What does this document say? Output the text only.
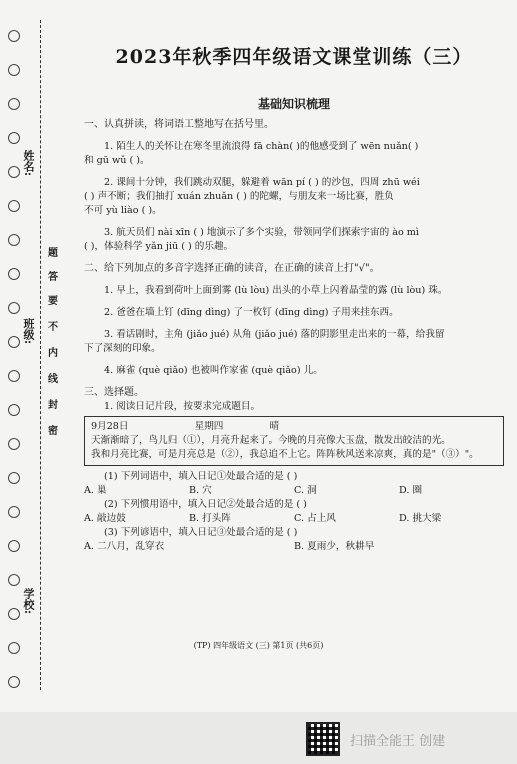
姓名:
班级:
学校:
题
答
要
不
内
线
封
密
2023年秋季四年级语文课堂训练（三）
基础知识梳理
一、认真拼读，将词语工整地写在括号里。
1. 陌生人的关怀让在寒冬里流浪得 fā chàn( )的他感受到了 wēn nuǎn( )
和 gū wǔ ( )。
2. 课间十分钟，我们跳动双腿，躲避着 wān pí ( ) 的沙包，四周 zhū wéi
( ) 声不断；我们抽打 xuán zhuǎn ( ) 的陀螺，与朋友来一场比赛，胜负
不可 yù liào ( )。
3. 航天员们 nài xīn ( ) 地演示了多个实验，带领同学们探索宇宙的 ào mì
( )，体验科学 yǎn jiū ( ) 的乐趣。
二、给下列加点的多音字选择正确的读音，在正确的读音上打"√"。
1. 早上，我看到荷叶上面到雾 (lù lòu) 出头的小草上闪着晶莹的露 (lù lòu) 珠。
2. 爸爸在墙上钉 (dīng dìng) 了一枚钉 (dīng dìng) 子用来挂东西。
3. 看话剧时，主角 (jiǎo jué) 从角 (jiǎo jué) 落的阴影里走出来的一幕，给我留
下了深刻的印象。
4. 麻雀 (què qiǎo) 也被叫作家雀 (què qiǎo) 儿。
三、选择题。
1. 阅读日记片段，按要求完成题目。
9月28日	星期四	晴
天渐渐暗了，鸟儿归（①），月亮升起来了。今晚的月亮像大玉盘，散发出皎洁的光。
我和月亮比赛，可是月亮总是（②），我总追不上它。阵阵秋风送来凉爽，真的是"（③）"。
(1) 下列词语中，填入日记①处最合适的是 ( )
A. 巢	B. 穴	C. 洞	D. 圈
(2) 下列惯用语中，填入日记②处最合适的是 ( )
A. 敲边鼓	B. 打头阵	C. 占上风	D. 挑大梁
(3) 下列谚语中，填入日记③处最合适的是 ( )
A. 二八月，乱穿衣	B. 夏雨少，秋耕早
(TP) 四年级语文 (三) 第1页 (共6页)
扫描全能王 创建
